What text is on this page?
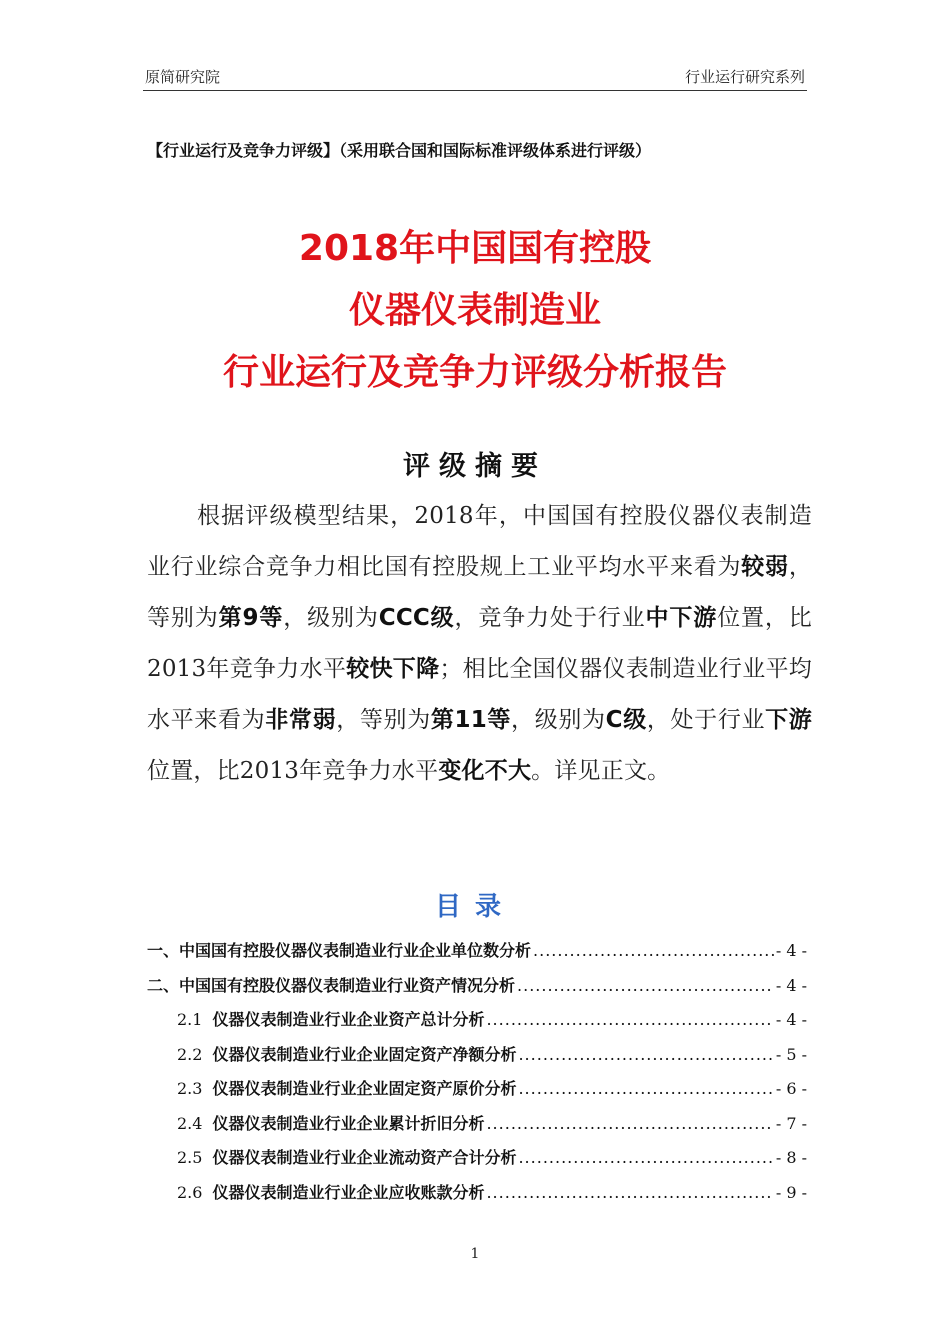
原简研究院	行业运行研究系列
【行业运行及竞争力评级】（采用联合国和国际标准评级体系进行评级）
2018年中国国有控股
仪器仪表制造业
行业运行及竞争力评级分析报告
评级摘要
根据评级模型结果，2018年，中国国有控股仪器仪表制造业行业综合竞争力相比国有控股规上工业平均水平来看为较弱，等别为第9等，级别为CCC级，竞争力处于行业中下游位置，比2013年竞争力水平较快下降；相比全国仪器仪表制造业行业平均水平来看为非常弱，等别为第11等，级别为C级，处于行业下游位置，比2013年竞争力水平变化不大。详见正文。
目录
一、中国国有控股仪器仪表制造业行业企业单位数分析 .....	- 4 -
二、中国国有控股仪器仪表制造业行业资产情况分析 .....	- 4 -
2.1 仪器仪表制造业行业企业资产总计分析 .....	- 4 -
2.2 仪器仪表制造业行业企业固定资产净额分析 .....	- 5 -
2.3 仪器仪表制造业行业企业固定资产原价分析 .....	- 6 -
2.4 仪器仪表制造业行业企业累计折旧分析 .....	- 7 -
2.5 仪器仪表制造业行业企业流动资产合计分析 .....	- 8 -
2.6 仪器仪表制造业行业企业应收账款分析 .....	- 9 -
1
